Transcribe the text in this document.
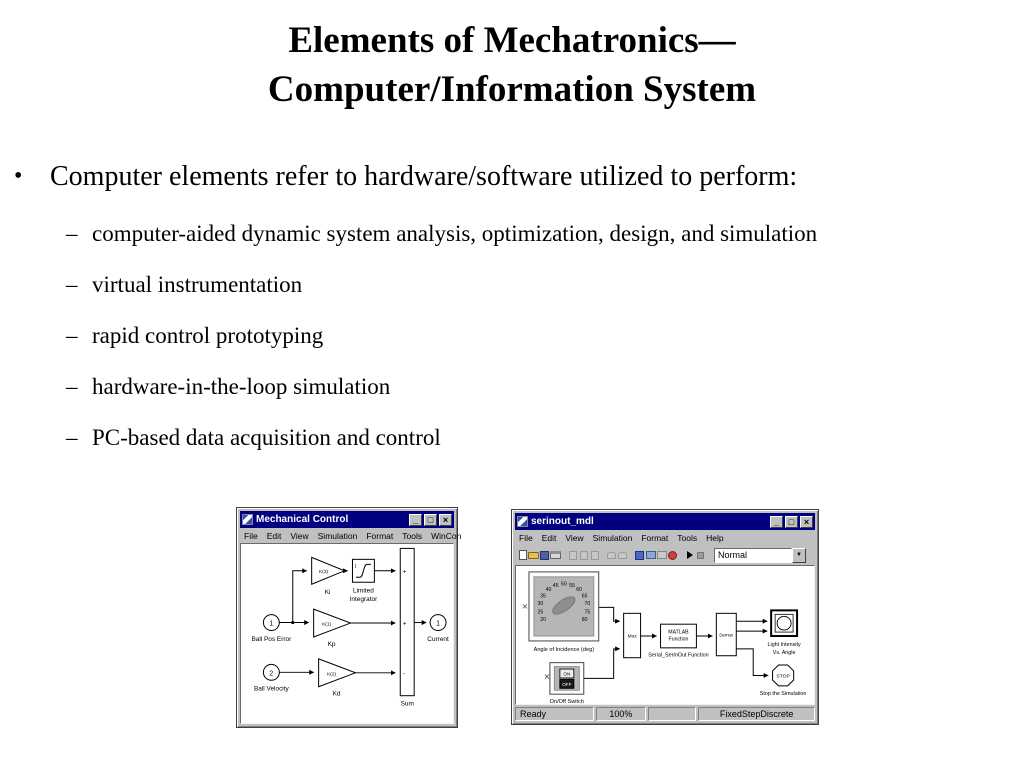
Elements of Mechatronics—
Computer/Information System
• Computer elements refer to hardware/software utilized to perform:
– computer-aided dynamic system analysis, optimization, design, and simulation
– virtual instrumentation
– rapid control prototyping
– hardware-in-the-loop simulation
– PC-based data acquisition and control
Mechanical Control	_	□	×
File Edit View Simulation Format Tools WinCon
1
Ball Pos Error
K(3)
Ki	Limited
Integrator
K(1)
Kp
2
Ball Velocity
K(2)
Kd
+
+
-
Sum
1
Current
serinout_mdl	_	□	×
File Edit View Simulation Format Tools Help
Normal	▼
20
25
30
35
40
45 50 55
60
65
70
75
80
Angle of Incidence (deg)
ON
OFF
On/Off Switch
Mux
MATLAB
Function
Serial_SerInOut Function
Demux
Light Intensity
Vs. Angle
STOP
Stop the Simulation
Ready	100%	FixedStepDiscrete
